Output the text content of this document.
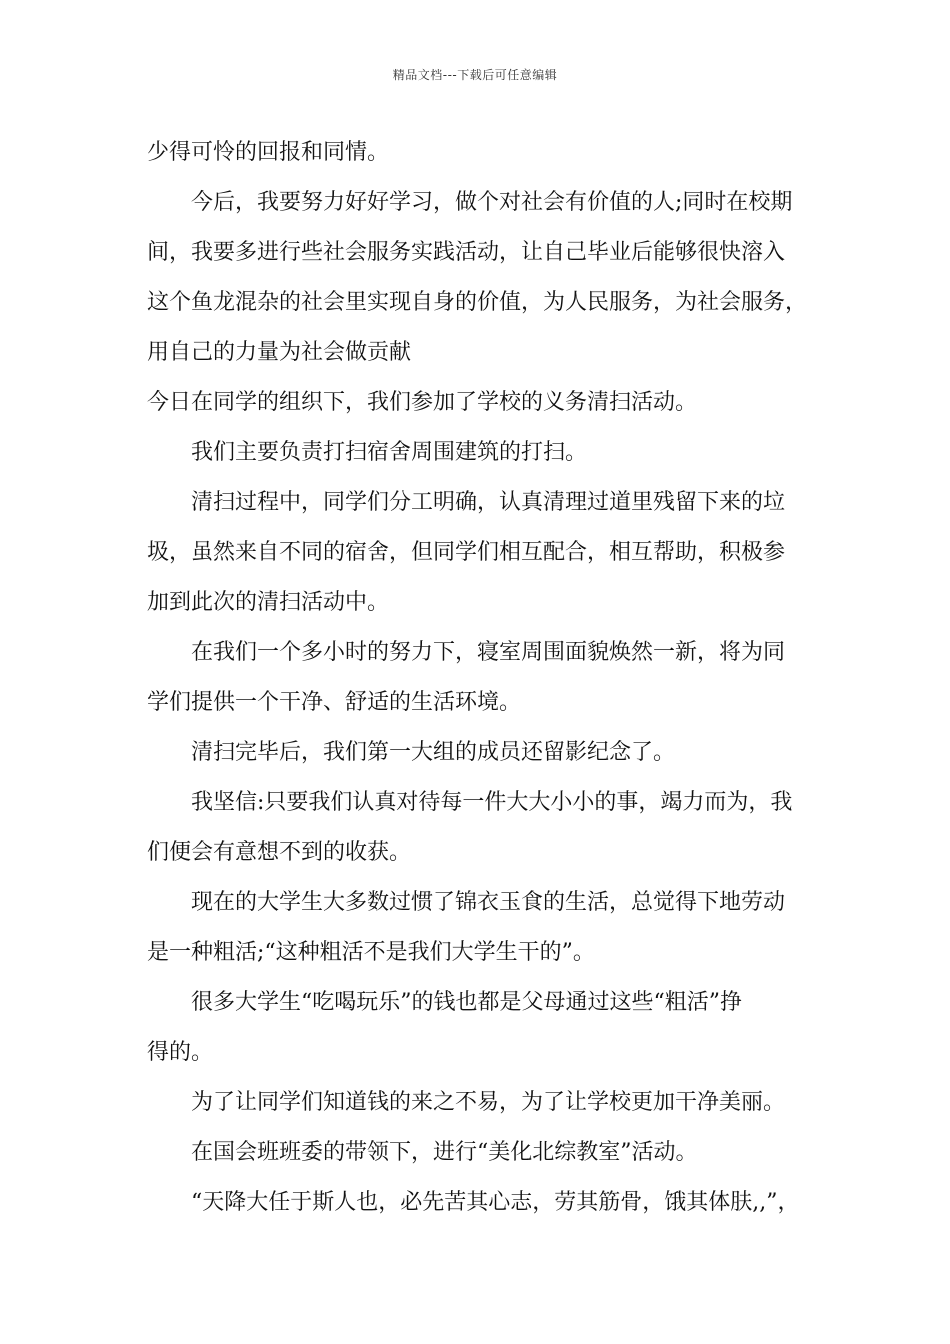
精品文档---下载后可任意编辑
少得可怜的回报和同情。
今后，我要努力好好学习，做个对社会有价值的人;同时在校期
间，我要多进行些社会服务实践活动，让自己毕业后能够很快溶入
这个鱼龙混杂的社会里实现自身的价值，为人民服务，为社会服务，
用自己的力量为社会做贡献
今日在同学的组织下，我们参加了学校的义务清扫活动。
我们主要负责打扫宿舍周围建筑的打扫。
清扫过程中，同学们分工明确，认真清理过道里残留下来的垃
圾，虽然来自不同的宿舍，但同学们相互配合，相互帮助，积极参
加到此次的清扫活动中。
在我们一个多小时的努力下，寝室周围面貌焕然一新，将为同
学们提供一个干净、舒适的生活环境。
清扫完毕后，我们第一大组的成员还留影纪念了。
我坚信:只要我们认真对待每一件大大小小的事，竭力而为，我
们便会有意想不到的收获。
现在的大学生大多数过惯了锦衣玉食的生活，总觉得下地劳动
是一种粗活;“这种粗活不是我们大学生干的”。
很多大学生“吃喝玩乐”的钱也都是父母通过这些“粗活”挣
得的。
为了让同学们知道钱的来之不易，为了让学校更加干净美丽。
在国会班班委的带领下，进行“美化北综教室”活动。
“天降大任于斯人也，必先苦其心志，劳其筋骨，饿其体肤,,”，
